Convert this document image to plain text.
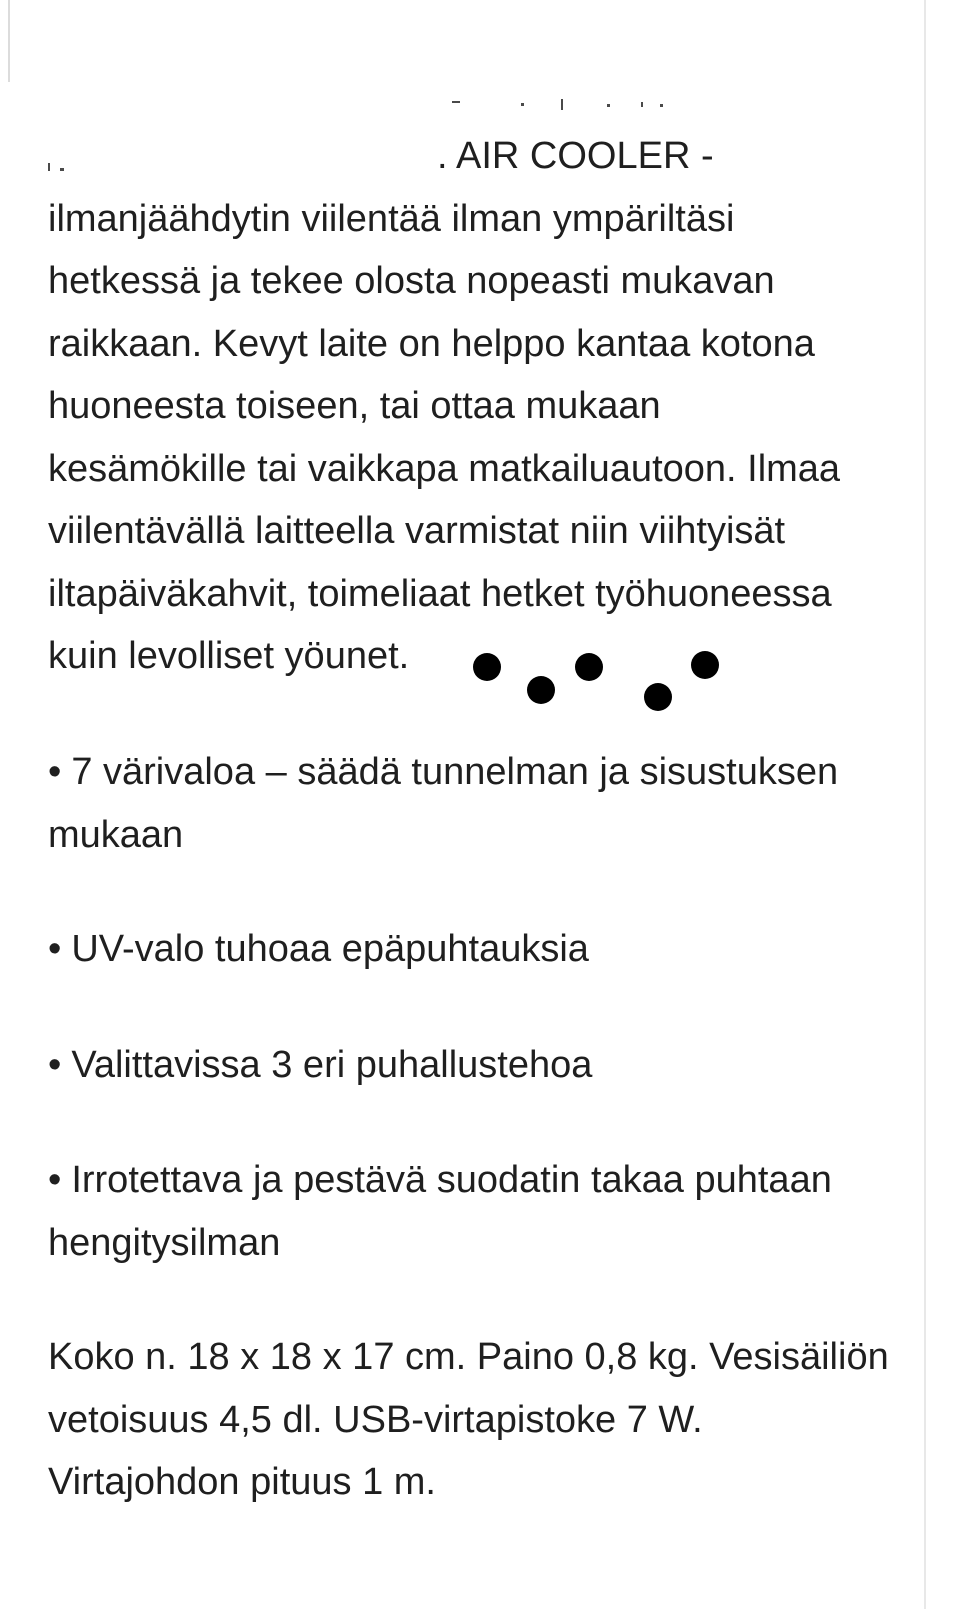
. AIR COOLER -
ilmanjäähdytin viilentää ilman ympäriltäsi
hetkessä ja tekee olosta nopeasti mukavan
raikkaan. Kevyt laite on helppo kantaa kotona
huoneesta toiseen, tai ottaa mukaan
kesämökille tai vaikkapa matkailuautoon. Ilmaa
viilentävällä laitteella varmistat niin viihtyisät
iltapäiväkahvit, toimeliaat hetket työhuoneessa
kuin levolliset yöunet.
• 7 värivaloa – säädä tunnelman ja sisustuksen
mukaan
• UV-valo tuhoaa epäpuhtauksia
• Valittavissa 3 eri puhallustehoa
• Irrotettava ja pestävä suodatin takaa puhtaan
hengitysilman
Koko n. 18 x 18 x 17 cm. Paino 0,8 kg. Vesisäiliön
vetoisuus 4,5 dl. USB-virtapistoke 7 W.
Virtajohdon pituus 1 m.
